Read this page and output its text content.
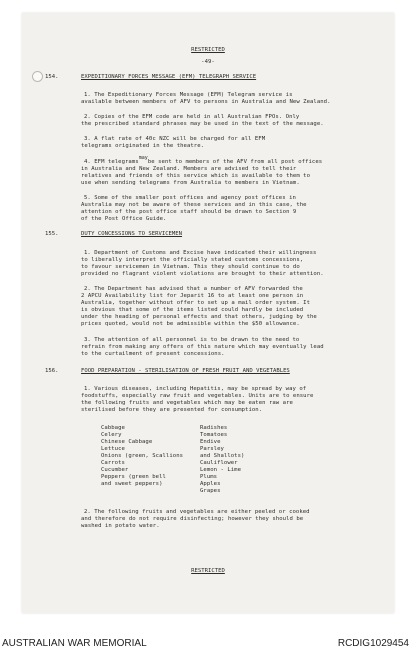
RESTRICTED
-49-
154.	EXPEDITIONARY FORCES MESSAGE (EFM) TELEGRAPH SERVICE
1. The Expeditionary Forces Message (EFM) Telegram service is
available between members of AFV to persons in Australia and New Zealand.
2. Copies of the EFM code are held in all Australian FPOs. Only
the prescribed standard phrases may be used in the text of the message.
3. A flat rate of 40c NZC will be charged for all EFM
telegrams originated in the theatre.
4. EFM telegramsmaybe sent to members of the AFV from all post offices
in Australia and New Zealand. Members are advised to tell their
relatives and friends of this service which is available to them to
use when sending telegrams from Australia to members in Vietnam.
5. Some of the smaller post offices and agency post offices in
Australia may not be aware of these services and in this case, the
attention of the post office staff should be drawn to Section 9
of the Post Office Guide.
155.	DUTY CONCESSIONS TO SERVICEMEN
1. Department of Customs and Excise have indicated their willingness
to liberally interpret the officially stated customs concessions,
to favour servicemen in Vietnam. This they should continue to do
provided no flagrant violent violations are brought to their attention.
2. The Department has advised that a number of AFV forwarded the
2 APCU Availability list for Jeparit 16 to at least one person in
Australia, together without offer to set up a mail order system. It
is obvious that some of the items listed could hardly be included
under the heading of personal effects and that others, judging by the
prices quoted, would not be admissible within the $50 allowance.
3. The attention of all personnel is to be drawn to the need to
refrain from making any offers of this nature which may eventually lead
to the curtailment of present concessions.
156.	FOOD PREPARATION - STERILISATION OF FRESH FRUIT AND VEGETABLES
1. Various diseases, including Hepatitis, may be spread by way of
foodstuffs, especially raw fruit and vegetables. Units are to ensure
the following fruits and vegetables which may be eaten raw are
sterilised before they are presented for consumption.
Cabbage
Celery
Chinese Cabbage
Lettuce
Onions (green, Scallions
Carrots
Cucumber
Peppers (green bell
and sweet peppers)
Radishes
Tomatoes
Endive
Parsley
and Shallots)
Cauliflower
Lemon - Lime
Plums
Apples
Grapes
2. The following fruits and vegetables are either peeled or cooked
and therefore do not require disinfecting; however they should be
washed in potato water.
RESTRICTED
AUSTRALIAN WAR MEMORIAL	RCDIG1029454
